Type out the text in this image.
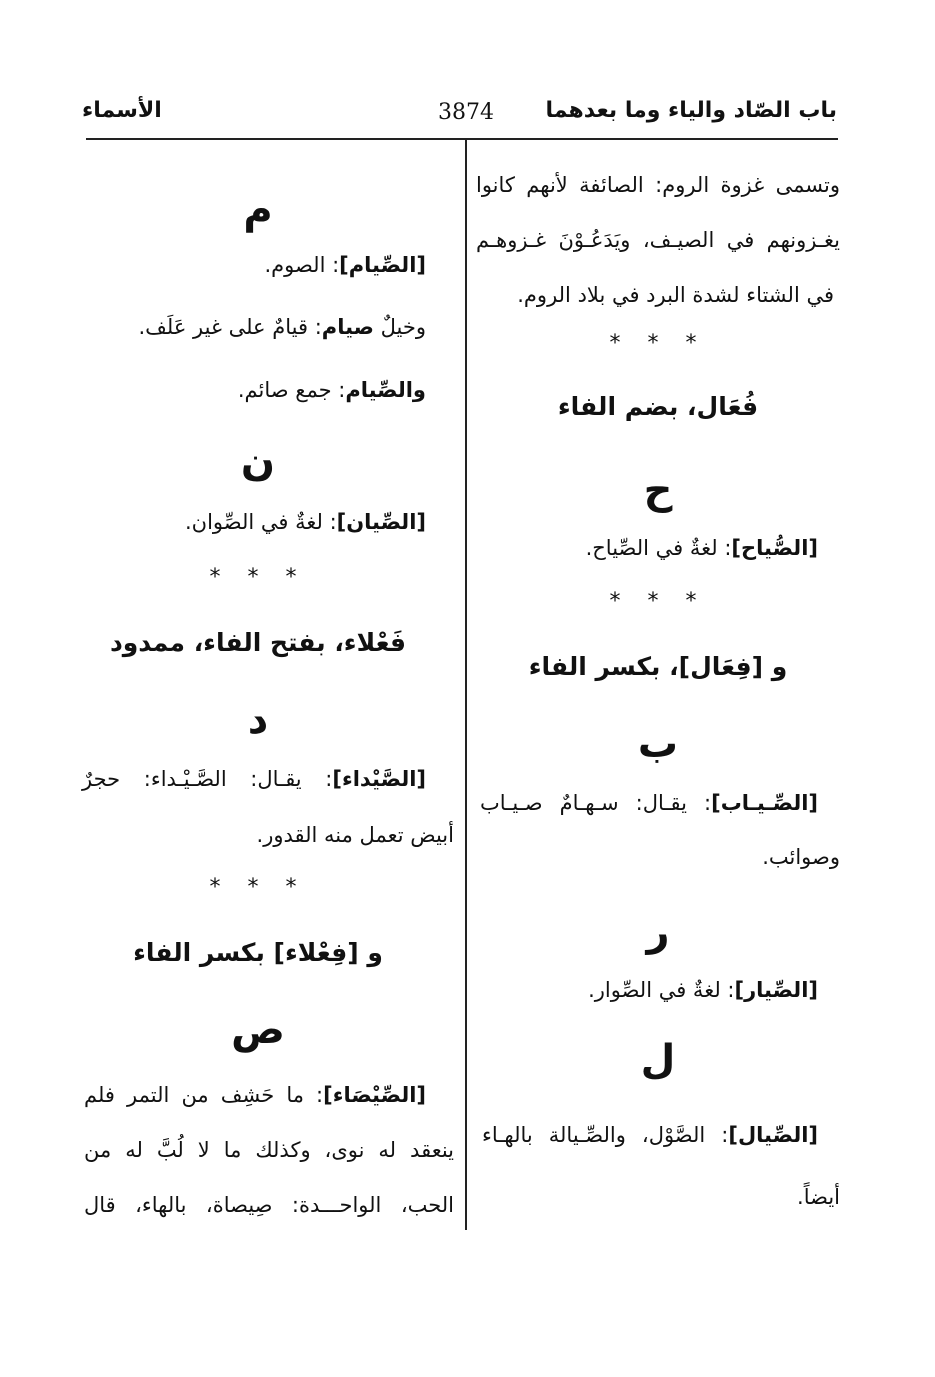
باب الصّاد والياء وما بعدهما
3874
الأسماء
وتسمى غزوة الروم: الصائفة لأنهم كانوا
يغـزونهم في الصيـف، ويَدَعُـوْنَ غـزوهـم
في الشتاء لشدة البرد في بلاد الروم.
* * *
فُعَال، بضم الفاء
ح
[الصُّياح]: لغةٌ في الصِّياح.
* * *
و [فِعَال]، بكسر الفاء
ب
[الصِّـيـاب]: يقـال: سـهـامٌ صـيـاب
وصوائب.
ر
[الصِّيار]: لغةٌ في الصِّوار.
ل
[الصِّيال]: الصَّوْل، والصِّـيالة بالهـاء
أيضاً.
م
[الصِّيام]: الصوم.
وخيلٌ صيام: قيامٌ على غير عَلَف.
والصِّيام: جمع صائم.
ن
[الصِّيان]: لغةٌ في الصِّوان.
* * *
فَعْلاء، بفتح الفاء، ممدود
د
[الصَّيْداء]: يقـال: الصَّـيْـداء: حجرٌ
أبيض تعمل منه القدور.
* * *
و [فِعْلاء] بكسر الفاء
ص
[الصِّيْصَاء]: ما حَشِف من التمر فلم
ينعقد له نوى، وكذلك ما لا لُبَّ له من
الحب، الواحـــدة: صِيصاة، بالهاء، قال
